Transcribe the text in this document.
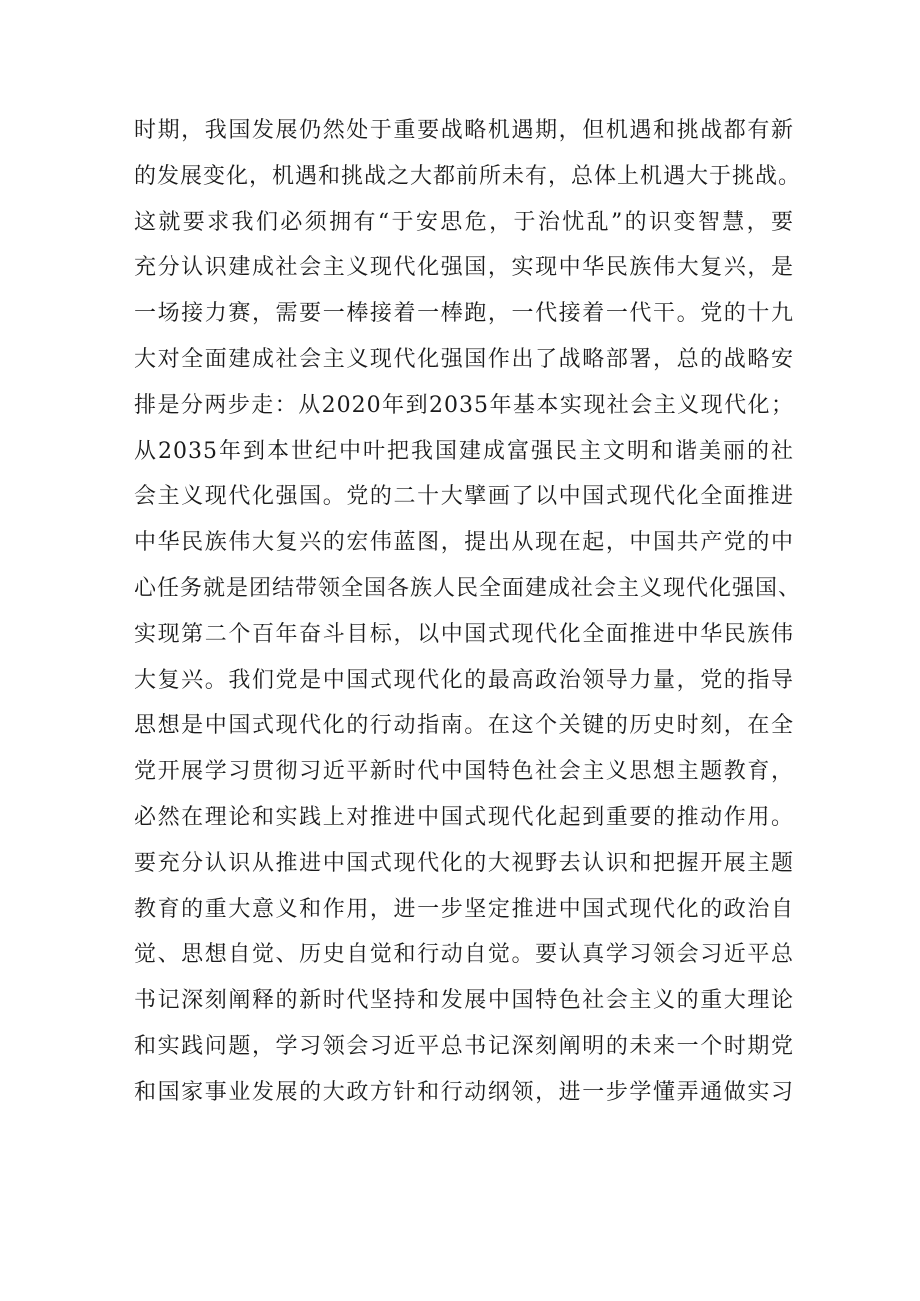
时期，我国发展仍然处于重要战略机遇期，但机遇和挑战都有新
的发展变化，机遇和挑战之大都前所未有，总体上机遇大于挑战。
这就要求我们必须拥有“于安思危，于治忧乱”的识变智慧，要
充分认识建成社会主义现代化强国，实现中华民族伟大复兴，是
一场接力赛，需要一棒接着一棒跑，一代接着一代干。党的十九
大对全面建成社会主义现代化强国作出了战略部署，总的战略安
排是分两步走：从2020年到2035年基本实现社会主义现代化；
从2035年到本世纪中叶把我国建成富强民主文明和谐美丽的社
会主义现代化强国。党的二十大擘画了以中国式现代化全面推进
中华民族伟大复兴的宏伟蓝图，提出从现在起，中国共产党的中
心任务就是团结带领全国各族人民全面建成社会主义现代化强国、
实现第二个百年奋斗目标，以中国式现代化全面推进中华民族伟
大复兴。我们党是中国式现代化的最高政治领导力量，党的指导
思想是中国式现代化的行动指南。在这个关键的历史时刻，在全
党开展学习贯彻习近平新时代中国特色社会主义思想主题教育，
必然在理论和实践上对推进中国式现代化起到重要的推动作用。
要充分认识从推进中国式现代化的大视野去认识和把握开展主题
教育的重大意义和作用，进一步坚定推进中国式现代化的政治自
觉、思想自觉、历史自觉和行动自觉。要认真学习领会习近平总
书记深刻阐释的新时代坚持和发展中国特色社会主义的重大理论
和实践问题，学习领会习近平总书记深刻阐明的未来一个时期党
和国家事业发展的大政方针和行动纲领，进一步学懂弄通做实习
